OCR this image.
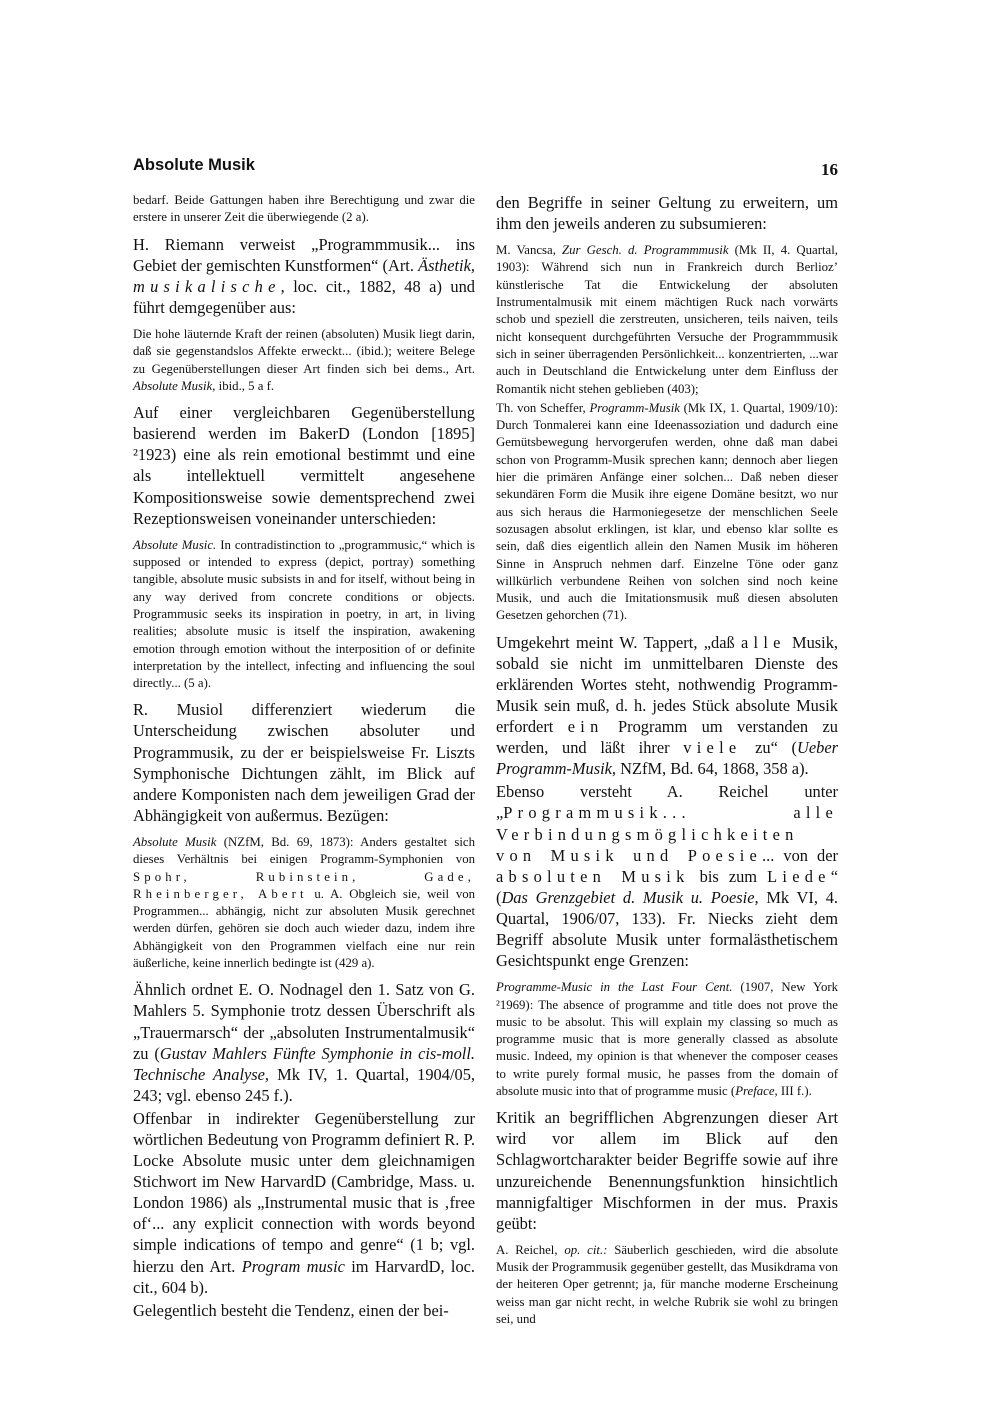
Absolute Musik	16

bedarf. Beide Gattungen haben ihre Berechtigung und zwar die erstere in unserer Zeit die überwiegende (2 a).

H. Riemann verweist „Programmmusik... ins Gebiet der gemischten Kunstformen“ (Art. Ästhetik, musikalische, loc. cit., 1882, 48 a) und führt demgegenüber aus:

Die hohe läuternde Kraft der reinen (absoluten) Musik liegt darin, daß sie gegenstandslos Affekte erweckt... (ibid.); weitere Belege zu Gegenüberstellungen dieser Art finden sich bei dems., Art. Absolute Musik, ibid., 5 a f.

Auf einer vergleichbaren Gegenüberstellung basierend werden im BakerD (London [1895] ²1923) eine als rein emotional bestimmt und eine als intellektuell vermittelt angesehene Kompositionsweise sowie dementsprechend zwei Rezeptionsweisen voneinander unterschieden:

Absolute Music. In contradistinction to „programmusic,“ which is supposed or intended to express (depict, portray) something tangible, absolute music subsists in and for itself, without being in any way derived from concrete conditions or objects. Programmusic seeks its inspiration in poetry, in art, in living realities; absolute music is itself the inspiration, awakening emotion through emotion without the interposition of or definite interpretation by the intellect, infecting and influencing the soul directly... (5 a).

R. Musiol differenziert wiederum die Unterscheidung zwischen absoluter und Programmusik, zu der er beispielsweise Fr. Liszts Symphonische Dichtungen zählt, im Blick auf andere Komponisten nach dem jeweiligen Grad der Abhängigkeit von außermus. Bezügen:

Absolute Musik (NZfM, Bd. 69, 1873): Anders gestaltet sich dieses Verhältnis bei einigen Programm-Symphonien von Spohr, Rubinstein, Gade, Rheinberger, Abert u. A. Obgleich sie, weil von Programmen... abhängig, nicht zur absoluten Musik gerechnet werden dürfen, gehören sie doch auch wieder dazu, indem ihre Abhängigkeit von den Programmen vielfach eine nur rein äußerliche, keine innerlich bedingte ist (429 a).

Ähnlich ordnet E. O. Nodnagel den 1. Satz von G. Mahlers 5. Symphonie trotz dessen Überschrift als „Trauermarsch“ der „absoluten Instrumentalmusik“ zu (Gustav Mahlers Fünfte Symphonie in cis-moll. Technische Analyse, Mk IV, 1. Quartal, 1904/05, 243; vgl. ebenso 245 f.).

Offenbar in indirekter Gegenüberstellung zur wörtlichen Bedeutung von Programm definiert R. P. Locke Absolute music unter dem gleichnamigen Stichwort im New HarvardD (Cambridge, Mass. u. London 1986) als „Instrumental music that is ‚free of‘... any explicit connection with words beyond simple indications of tempo and genre“ (1 b; vgl. hierzu den Art. Program music im HarvardD, loc. cit., 604 b).

Gelegentlich besteht die Tendenz, einen der bei-

den Begriffe in seiner Geltung zu erweitern, um ihm den jeweils anderen zu subsumieren:

M. Vancsa, Zur Gesch. d. Programmmusik (Mk II, 4. Quartal, 1903): Während sich nun in Frankreich durch Berlioz’ künstlerische Tat die Entwickelung der absoluten Instrumentalmusik mit einem mächtigen Ruck nach vorwärts schob und speziell die zerstreuten, unsicheren, teils naiven, teils nicht konsequent durchgeführten Versuche der Programmmusik sich in seiner überragenden Persönlichkeit... konzentrierten, ...war auch in Deutschland die Entwickelung unter dem Einfluss der Romantik nicht stehen geblieben (403);

Th. von Scheffer, Programm-Musik (Mk IX, 1. Quartal, 1909/10): Durch Tonmalerei kann eine Ideenassoziation und dadurch eine Gemütsbewegung hervorgerufen werden, ohne daß man dabei schon von Programm-Musik sprechen kann; dennoch aber liegen hier die primären Anfänge einer solchen... Daß neben dieser sekundären Form die Musik ihre eigene Domäne besitzt, wo nur aus sich heraus die Harmoniegesetze der menschlichen Seele sozusagen absolut erklingen, ist klar, und ebenso klar sollte es sein, daß dies eigentlich allein den Namen Musik im höheren Sinne in Anspruch nehmen darf. Einzelne Töne oder ganz willkürlich verbundene Reihen von solchen sind noch keine Musik, und auch die Imitationsmusik muß diesen absoluten Gesetzen gehorchen (71).

Umgekehrt meint W. Tappert, „daß alle Musik, sobald sie nicht im unmittelbaren Dienste des erklärenden Wortes steht, nothwendig Programm-Musik sein muß, d. h. jedes Stück absolute Musik erfordert ein Programm um verstanden zu werden, und läßt ihrer viele zu“ (Ueber Programm-Musik, NZfM, Bd. 64, 1868, 358 a).

Ebenso versteht A. Reichel unter „Programmusik... alle Verbindungsmöglichkeiten von Musik und Poesie... von der absoluten Musik bis zum Liede“ (Das Grenzgebiet d. Musik u. Poesie, Mk VI, 4. Quartal, 1906/07, 133). Fr. Niecks zieht dem Begriff absolute Musik unter formalästhetischem Gesichtspunkt enge Grenzen:

Programme-Music in the Last Four Cent. (1907, New York ²1969): The absence of programme and title does not prove the music to be absolut. This will explain my classing so much as programme music that is more generally classed as absolute music. Indeed, my opinion is that whenever the composer ceases to write purely formal music, he passes from the domain of absolute music into that of programme music (Preface, III f.).

Kritik an begrifflichen Abgrenzungen dieser Art wird vor allem im Blick auf den Schlagwortcharakter beider Begriffe sowie auf ihre unzureichende Benennungsfunktion hinsichtlich mannigfaltiger Mischformen in der mus. Praxis geübt:

A. Reichel, op. cit.: Säuberlich geschieden, wird die absolute Musik der Programmusik gegenüber gestellt, das Musikdrama von der heiteren Oper getrennt; ja, für manche moderne Erscheinung weiss man gar nicht recht, in welche Rubrik sie wohl zu bringen sei, und
